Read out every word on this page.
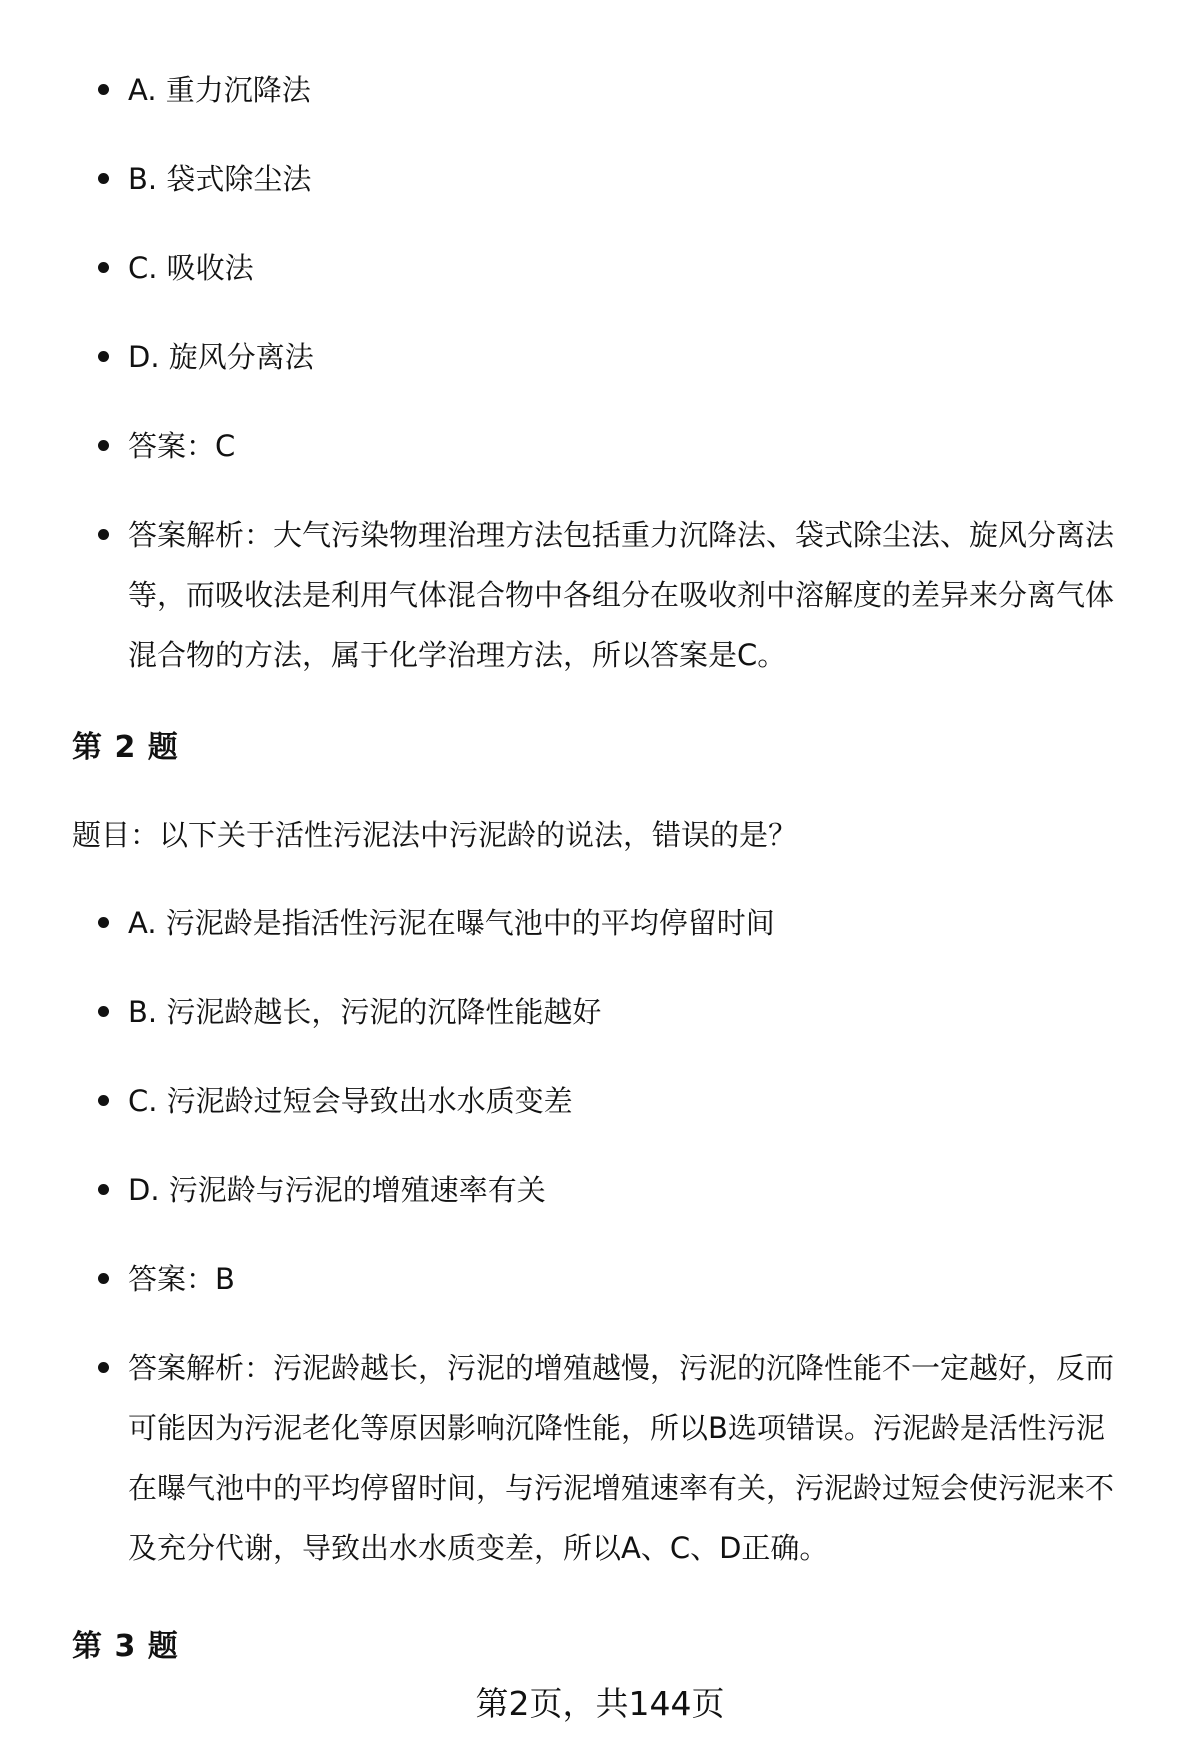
A. 重力沉降法
B. 袋式除尘法
C. 吸收法
D. 旋风分离法
答案：C
答案解析：大气污染物理治理方法包括重力沉降法、袋式除尘法、旋风分离法
等，而吸收法是利用气体混合物中各组分在吸收剂中溶解度的差异来分离气体
混合物的方法，属于化学治理方法，所以答案是C。
第 2 题
题目：以下关于活性污泥法中污泥龄的说法，错误的是？
A. 污泥龄是指活性污泥在曝气池中的平均停留时间
B. 污泥龄越长，污泥的沉降性能越好
C. 污泥龄过短会导致出水水质变差
D. 污泥龄与污泥的增殖速率有关
答案：B
答案解析：污泥龄越长，污泥的增殖越慢，污泥的沉降性能不一定越好，反而
可能因为污泥老化等原因影响沉降性能，所以B选项错误。污泥龄是活性污泥
在曝气池中的平均停留时间，与污泥增殖速率有关，污泥龄过短会使污泥来不
及充分代谢，导致出水水质变差，所以A、C、D正确。
第 3 题
第2页，共144页
